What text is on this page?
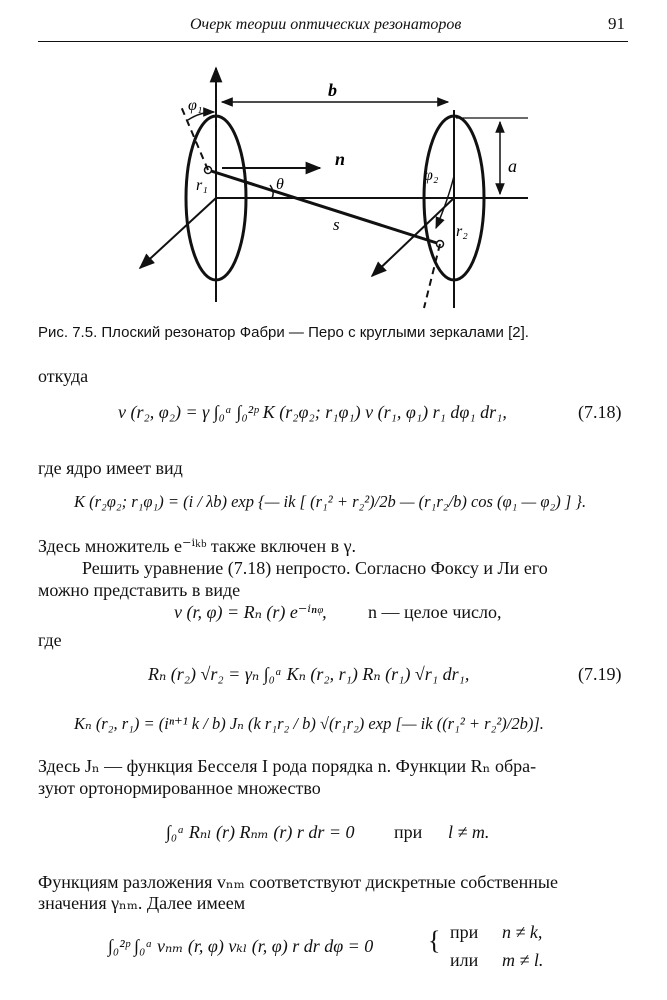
Очерк теории оптических резонаторов	91
b
a
n
s
θ
r₁
r₂
φ₁
φ₂
Рис. 7.5. Плоский резонатор Фабри — Перо с круглыми зеркалами [2].
откуда
v (r₂, φ₂) = γ ∫₀ᵃ ∫₀²ᵖ K (r₂φ₂; r₁φ₁) v (r₁, φ₁) r₁ dφ₁ dr₁,	(7.18)
где ядро имеет вид
K (r₂φ₂; r₁φ₁) = (i / λb) exp {— ik [ (r₁² + r₂²)/2b — (r₁r₂/b) cos (φ₁ — φ₂) ] }.
Здесь множитель e⁻ⁱᵏᵇ также включен в γ.
Решить уравнение (7.18) непросто. Согласно Фоксу и Ли его
можно представить в виде
v (r, φ) = Rₙ (r) e⁻ⁱⁿᵠ, n — целое число,
где
Rₙ (r₂) √r₂ = γₙ ∫₀ᵃ Kₙ (r₂, r₁) Rₙ (r₁) √r₁ dr₁,	(7.19)
Kₙ (r₂, r₁) = (iⁿ⁺¹ k / b) Jₙ (k r₁r₂ / b) √(r₁r₂) exp [— ik ((r₁² + r₂²)/2b)].
Здесь Jₙ — функция Бесселя I рода порядка n. Функции Rₙ обра-
зуют ортонормированное множество
∫₀ᵃ Rₙₗ (r) Rₙₘ (r) r dr = 0 при l ≠ m.
Функциям разложения vₙₘ соответствуют дискретные собственные
значения γₙₘ. Далее имеем
∫₀²ᵖ ∫₀ᵃ vₙₘ (r, φ) vₖₗ (r, φ) r dr dφ = 0 { при n ≠ k,
или m ≠ l.
